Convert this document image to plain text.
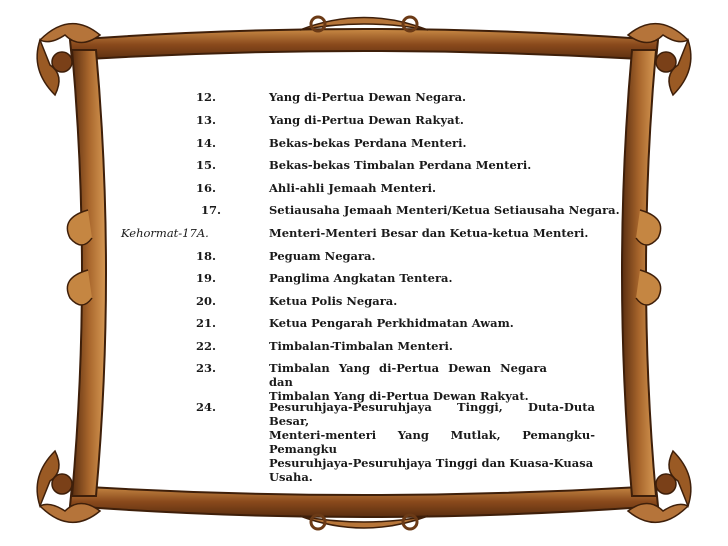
12.	Yang di-Pertua Dewan Negara.
13.	Yang di-Pertua Dewan Rakyat.
14.	Bekas-bekas Perdana Menteri.
15.	Bekas-bekas Timbalan Perdana Menteri.
16.	Ahli-ahli Jemaah Menteri.
17.	Setiausaha Jemaah Menteri/Ketua Setiausaha Negara.
Kehormat-17A.	Menteri-Menteri Besar dan Ketua-ketua Menteri.
18.	Peguam Negara.
19.	Panglima Angkatan Tentera.
20.	Ketua Polis Negara.
21.	Ketua Pengarah Perkhidmatan Awam.
22.	Timbalan-Timbalan Menteri.
23.	Timbalan Yang di-Pertua Dewan Negara dan
Timbalan Yang di-Pertua Dewan Rakyat.
24.	Pesuruhjaya-Pesuruhjaya Tinggi, Duta-Duta Besar,
Menteri-menteri Yang Mutlak, Pemangku-Pemangku
Pesuruhjaya-Pesuruhjaya Tinggi dan Kuasa-Kuasa Usaha.
